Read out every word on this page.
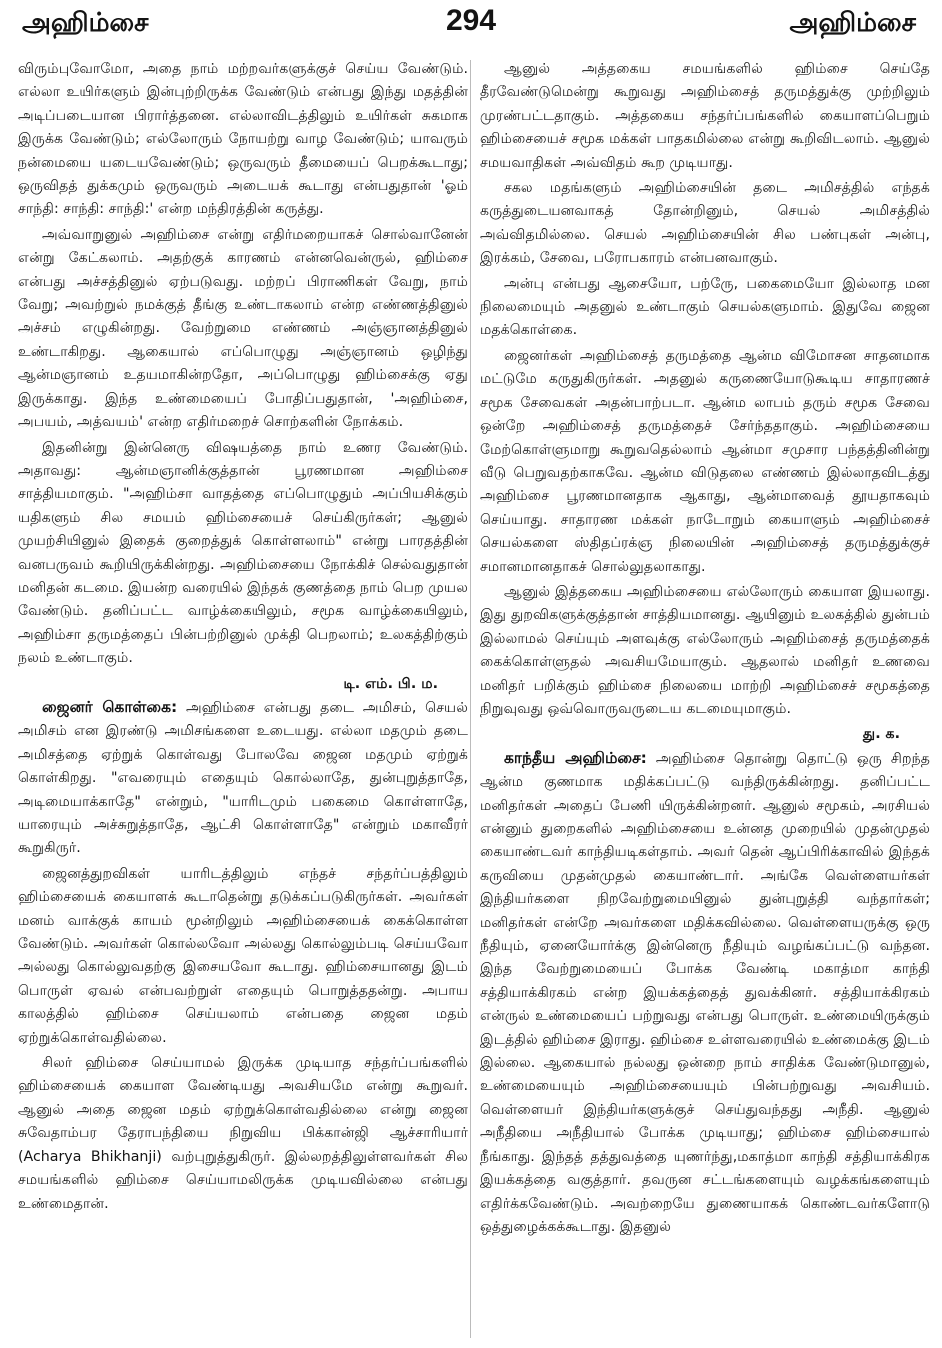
அஹிம்சை	294	அஹிம்சை

விரும்புவோமோ, அதை நாம் மற்றவர்களுக்குச் செய்ய வேண்டும். எல்லா உயிர்களும் இன்புற்றிருக்க வேண்டும் என்பது இந்து மதத்தின் அடிப்படையான பிரார்த்தனை. எல்லாவிடத்திலும் உயிர்கள் சுகமாக இருக்க வேண்டும்; எல்லோரும் நோயற்று வாழ வேண்டும்; யாவரும் நன்மையை யடையவேண்டும்; ஒருவரும் தீமையைப் பெறக்கூடாது; ஒருவிதத் துக்கமும் ஒருவரும் அடையக் கூடாது என்பதுதான் 'ஓம் சாந்தி: சாந்தி: சாந்தி:' என்ற மந்திரத்தின் கருத்து.

அவ்வாறுனுல் அஹிம்சை என்று எதிர்மறையாகச் சொல்வானேன் என்று கேட்கலாம். அதற்குக் காரணம் என்னவென்ருல், ஹிம்சை என்பது அச்சத்தினுல் ஏற்படுவது. மற்றப் பிராணிகள் வேறு, நாம் வேறு; அவற்றுல் நமக்குத் தீங்கு உண்டாகலாம் என்ற எண்ணத்தினுல் அச்சம் எழுகின்றது. வேற்றுமை எண்ணம் அஞ்ஞானத்தினுல் உண்டாகிறது. ஆகையால் எப்பொழுது அஞ்ஞானம் ஒழிந்து ஆன்மஞானம் உதயமாகின்றதோ, அப்பொழுது ஹிம்சைக்கு ஏது இருக்காது. இந்த உண்மையைப் போதிப்பதுதான், 'அஹிம்சை, அபயம், அத்வயம்' என்ற எதிர்மறைச் சொற்களின் நோக்கம்.

இதனின்று இன்னெரு விஷயத்தை நாம் உணர வேண்டும். அதாவது: ஆன்மஞானிக்குத்தான் பூரணமான அஹிம்சை சாத்தியமாகும். "அஹிம்சா வாதத்தை எப்பொழுதும் அப்பியசிக்கும் யதிகளும் சில சமயம் ஹிம்சையைச் செய்கிருர்கள்; ஆனுல் முயற்சியினுல் இதைக் குறைத்துக் கொள்ளலாம்" என்று பாரதத்தின் வனபருவம் கூறியிருக்கின்றது. அஹிம்சையை நோக்கிச் செல்வதுதான் மனிதன் கடமை. இயன்ற வரையில் இந்தக் குணத்தை நாம் பெற முயல வேண்டும். தனிப்பட்ட வாழ்க்கையிலும், சமூக வாழ்க்கையிலும், அஹிம்சா தருமத்தைப் பின்பற்றினுல் முக்தி பெறலாம்; உலகத்திற்கும் நலம் உண்டாகும்.

டி. எம். பி. ம.

ஜைனர் கொள்கை: அஹிம்சை என்பது தடை அமிசம், செயல் அமிசம் என இரண்டு அமிசங்களை உடையது. எல்லா மதமும் தடை அமிசத்தை ஏற்றுக் கொள்வது போலவே ஜைன மதமும் ஏற்றுக் கொள்கிறது. "எவரையும் எதையும் கொல்லாதே, துன்புறுத்தாதே, அடிமையாக்காதே" என்றும், "யாரிடமும் பகைமை கொள்ளாதே, யாரையும் அச்சுறுத்தாதே, ஆட்சி கொள்ளாதே" என்றும் மகாவீரர் கூறுகிருர்.

ஜைனத்துறவிகள் யாரிடத்திலும் எந்தச் சந்தர்ப்பத்திலும் ஹிம்சையைக் கையாளக் கூடாதென்று தடுக்கப்படுகிருர்கள். அவர்கள் மனம் வாக்குக் காயம் மூன்றிலும் அஹிம்சையைக் கைக்கொள்ள வேண்டும். அவர்கள் கொல்லவோ அல்லது கொல்லும்படி செய்யவோ அல்லது கொல்லுவதற்கு இசையவோ கூடாது. ஹிம்சையானது இடம் பொருள் ஏவல் என்பவற்றுள் எதையும் பொறுத்ததன்று. அபாய காலத்தில் ஹிம்சை செய்யலாம் என்பதை ஜைன மதம் ஏற்றுக்கொள்வதில்லை.

சிலர் ஹிம்சை செய்யாமல் இருக்க முடியாத சந்தர்ப்பங்களில் ஹிம்சையைக் கையாள வேண்டியது அவசியமே என்று கூறுவர். ஆனுல் அதை ஜைன மதம் ஏற்றுக்கொள்வதில்லை என்று ஜைன சுவேதாம்பர தேராபந்தியை நிறுவிய பிக்கான்ஜி ஆச்சாரியார் (Acharya Bhikhanji) வற்புறுத்துகிருர். இல்லறத்திலுள்ளவர்கள் சில சமயங்களில் ஹிம்சை செய்யாமலிருக்க முடியவில்லை என்பது உண்மைதான்.

ஆனுல் அத்தகைய சமயங்களில் ஹிம்சை செய்தே தீரவேண்டுமென்று கூறுவது அஹிம்சைத் தருமத்துக்கு முற்றிலும் முரண்பட்டதாகும். அத்தகைய சந்தர்ப்பங்களில் கையாளப்பெறும் ஹிம்சையைச் சமூக மக்கள் பாதகமில்லை என்று கூறிவிடலாம். ஆனுல் சமயவாதிகள் அவ்விதம் கூற முடியாது.

சகல மதங்களும் அஹிம்சையின் தடை அமிசத்தில் எந்தக் கருத்துடையனவாகத் தோன்றினும், செயல் அமிசத்தில் அவ்விதமில்லை. செயல் அஹிம்சையின் சில பண்புகள் அன்பு, இரக்கம், சேவை, பரோபகாரம் என்பனவாகும்.

அன்பு என்பது ஆசையோ, பற்ருே, பகைமையோ இல்லாத மன நிலைமையும் அதனுல் உண்டாகும் செயல்களுமாம். இதுவே ஜைன மதக்கொள்கை.

ஜைனர்கள் அஹிம்சைத் தருமத்தை ஆன்ம விமோசன சாதனமாக மட்டுமே கருதுகிருர்கள். அதனுல் கருணையோடுகூடிய சாதாரணச் சமூக சேவைகள் அதன்பாற்படா. ஆன்ம லாபம் தரும் சமூக சேவை ஒன்றே அஹிம்சைத் தருமத்தைச் சேர்ந்ததாகும். அஹிம்சையை மேற்கொள்ளுமாறு கூறுவதெல்லாம் ஆன்மா சமுசார பந்தத்தினின்று வீடு பெறுவதற்காகவே. ஆன்ம விடுதலை எண்ணம் இல்லாதவிடத்து அஹிம்சை பூரணமானதாக ஆகாது, ஆன்மாவைத் தூயதாகவும் செய்யாது. சாதாரண மக்கள் நாடோறும் கையாளும் அஹிம்சைச் செயல்களை ஸ்திதப்ரக்ஞ நிலையின் அஹிம்சைத் தருமத்துக்குச் சமானமானதாகச் சொல்லுதலாகாது.

ஆனுல் இத்தகைய அஹிம்சையை எல்லோரும் கையாள இயலாது. இது துறவிகளுக்குத்தான் சாத்தியமானது. ஆயினும் உலகத்தில் துன்பம் இல்லாமல் செய்யும் அளவுக்கு எல்லோரும் அஹிம்சைத் தருமத்தைக் கைக்கொள்ளுதல் அவசியமேயாகும். ஆதலால் மனிதர் உணவை மனிதர் பறிக்கும் ஹிம்சை நிலையை மாற்றி அஹிம்சைச் சமூகத்தை நிறுவுவது ஒவ்வொருவருடைய கடமையுமாகும்.

து. க.

காந்தீய அஹிம்சை: அஹிம்சை தொன்று தொட்டு ஒரு சிறந்த ஆன்ம குணமாக மதிக்கப்பட்டு வந்திருக்கின்றது. தனிப்பட்ட மனிதர்கள் அதைப் பேணி யிருக்கின்றனர். ஆனுல் சமூகம், அரசியல் என்னும் துறைகளில் அஹிம்சையை உன்னத முறையில் முதன்முதல் கையாண்டவர் காந்தியடிகள்தாம். அவர் தென் ஆப்பிரிக்காவில் இந்தக் கருவியை முதன்முதல் கையாண்டார். அங்கே வெள்ளையர்கள் இந்தியர்களை நிறவேற்றுமையினுல் துன்புறுத்தி வந்தார்கள்; மனிதர்கள் என்றே அவர்களை மதிக்கவில்லை. வெள்ளையருக்கு ஒரு நீதியும், ஏனையோர்க்கு இன்னெரு நீதியும் வழங்கப்பட்டு வந்தன. இந்த வேற்றுமையைப் போக்க வேண்டி மகாத்மா காந்தி சத்தியாக்கிரகம் என்ற இயக்கத்தைத் துவக்கினர். சத்தியாக்கிரகம் என்ருல் உண்மையைப் பற்றுவது என்பது பொருள். உண்மையிருக்கும் இடத்தில் ஹிம்சை இராது. ஹிம்சை உள்ளவரையில் உண்மைக்கு இடம் இல்லை. ஆகையால் நல்லது ஒன்றை நாம் சாதிக்க வேண்டுமானுல், உண்மையையும் அஹிம்சையையும் பின்பற்றுவது அவசியம். வெள்ளையர் இந்தியர்களுக்குச் செய்துவந்தது அநீதி. ஆனுல் அநீதியை அநீதியால் போக்க முடியாது; ஹிம்சை ஹிம்சையால் நீங்காது. இந்தத் தத்துவத்தை யுணர்ந்து,மகாத்மா காந்தி சத்தியாக்கிரக இயக்கத்தை வகுத்தார். தவருன சட்டங்களையும் வழக்கங்களையும் எதிர்க்கவேண்டும். அவற்றையே துணையாகக் கொண்டவர்களோடு ஒத்துழைக்கக்கூடாது. இதனுல்
